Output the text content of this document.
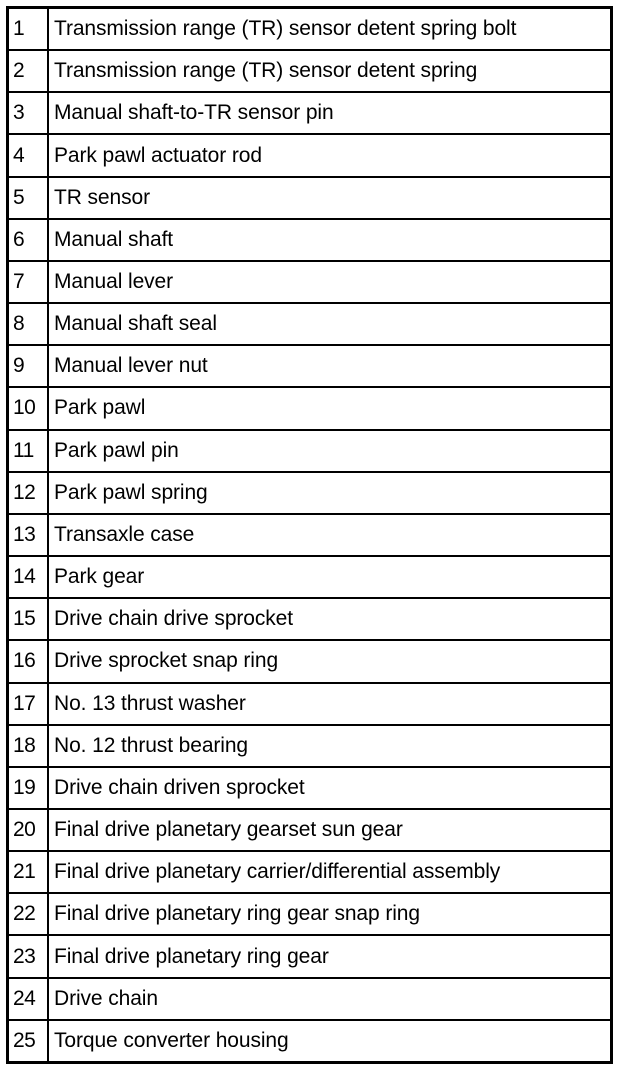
1	Transmission range (TR) sensor detent spring bolt
2	Transmission range (TR) sensor detent spring
3	Manual shaft-to-TR sensor pin
4	Park pawl actuator rod
5	TR sensor
6	Manual shaft
7	Manual lever
8	Manual shaft seal
9	Manual lever nut
10 Park pawl
11 Park pawl pin
12 Park pawl spring
13 Transaxle case
14 Park gear
15 Drive chain drive sprocket
16 Drive sprocket snap ring
17 No. 13 thrust washer
18 No. 12 thrust bearing
19 Drive chain driven sprocket
20 Final drive planetary gearset sun gear
21 Final drive planetary carrier/differential assembly
22 Final drive planetary ring gear snap ring
23 Final drive planetary ring gear
24 Drive chain
25 Torque converter housing
